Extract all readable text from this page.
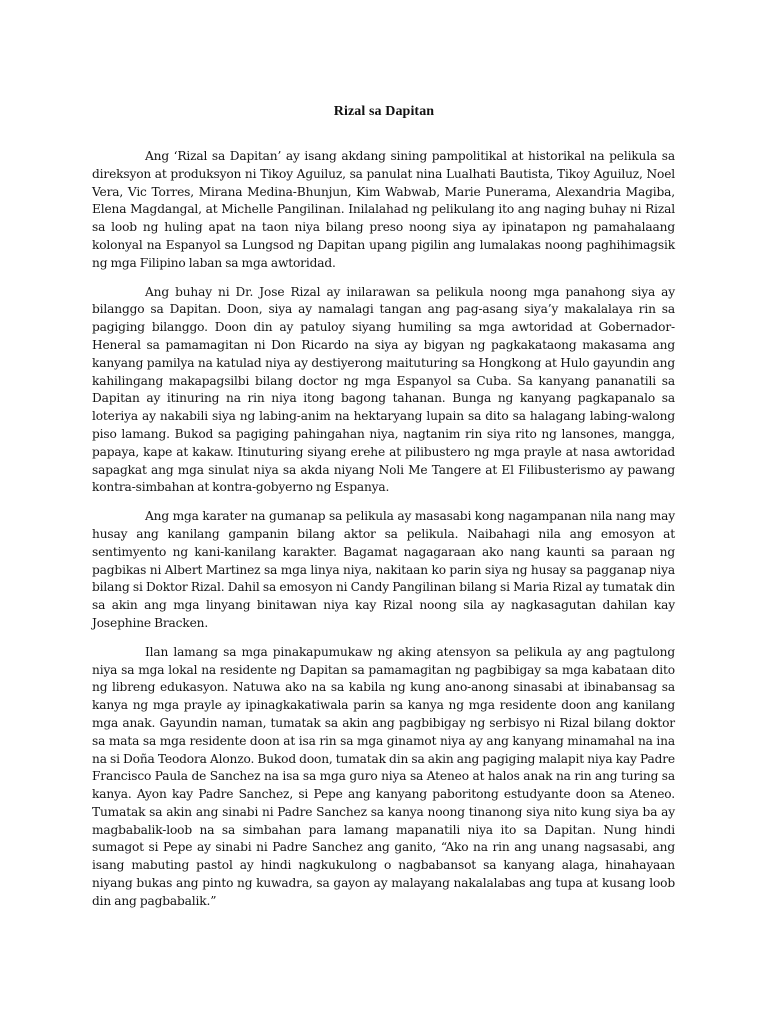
Rizal sa Dapitan

Ang ‘Rizal sa Dapitan’ ay isang akdang sining pampolitikal at historikal na pelikula sa direksyon at produksyon ni Tikoy Aguiluz, sa panulat nina Lualhati Bautista, Tikoy Aguiluz, Noel Vera, Vic Torres, Mirana Medina-Bhunjun, Kim Wabwab, Marie Punerama, Alexandria Magiba, Elena Magdangal, at Michelle Pangilinan. Inilalahad ng pelikulang ito ang naging buhay ni Rizal sa loob ng huling apat na taon niya bilang preso noong siya ay ipinatapon ng pamahalaang kolonyal na Espanyol sa Lungsod ng Dapitan upang pigilin ang lumalakas noong paghihimagsik ng mga Filipino laban sa mga awtoridad.

Ang buhay ni Dr. Jose Rizal ay inilarawan sa pelikula noong mga panahong siya ay bilanggo sa Dapitan. Doon, siya ay namalagi tangan ang pag-asang siya’y makalalaya rin sa pagiging bilanggo. Doon din ay patuloy siyang humiling sa mga awtoridad at Gobernador-Heneral sa pamamagitan ni Don Ricardo na siya ay bigyan ng pagkakataong makasama ang kanyang pamilya na katulad niya ay destiyerong maituturing sa Hongkong at Hulo gayundin ang kahilingang makapagsilbi bilang doctor ng mga Espanyol sa Cuba. Sa kanyang pananatili sa Dapitan ay itinuring na rin niya itong bagong tahanan. Bunga ng kanyang pagkapanalo sa loteriya ay nakabili siya ng labing-anim na hektaryang lupain sa dito sa halagang labing-walong piso lamang. Bukod sa pagiging pahingahan niya, nagtanim rin siya rito ng lansones, mangga, papaya, kape at kakaw. Itinuturing siyang erehe at pilibustero ng mga prayle at nasa awtoridad sapagkat ang mga sinulat niya sa akda niyang Noli Me Tangere at El Filibusterismo ay pawang kontra-simbahan at kontra-gobyerno ng Espanya.

Ang mga karater na gumanap sa pelikula ay masasabi kong nagampanan nila nang may husay ang kanilang gampanin bilang aktor sa pelikula. Naibahagi nila ang emosyon at sentimyento ng kani-kanilang karakter. Bagamat nagagaraan ako nang kaunti sa paraan ng pagbikas ni Albert Martinez sa mga linya niya, nakitaan ko parin siya ng husay sa pagganap niya bilang si Doktor Rizal. Dahil sa emosyon ni Candy Pangilinan bilang si Maria Rizal ay tumatak din sa akin ang mga linyang binitawan niya kay Rizal noong sila ay nagkasagutan dahilan kay Josephine Bracken.

Ilan lamang sa mga pinakapumukaw ng aking atensyon sa pelikula ay ang pagtulong niya sa mga lokal na residente ng Dapitan sa pamamagitan ng pagbibigay sa mga kabataan dito ng libreng edukasyon. Natuwa ako na sa kabila ng kung ano-anong sinasabi at ibinabansag sa kanya ng mga prayle ay ipinagkakatiwala parin sa kanya ng mga residente doon ang kanilang mga anak. Gayundin naman, tumatak sa akin ang pagbibigay ng serbisyo ni Rizal bilang doktor sa mata sa mga residente doon at isa rin sa mga ginamot niya ay ang kanyang minamahal na ina na si Doña Teodora Alonzo. Bukod doon, tumatak din sa akin ang pagiging malapit niya kay Padre Francisco Paula de Sanchez na isa sa mga guro niya sa Ateneo at halos anak na rin ang turing sa kanya. Ayon kay Padre Sanchez, si Pepe ang kanyang paboritong estudyante doon sa Ateneo. Tumatak sa akin ang sinabi ni Padre Sanchez sa kanya noong tinanong siya nito kung siya ba ay magbabalik-loob na sa simbahan para lamang mapanatili niya ito sa Dapitan. Nung hindi sumagot si Pepe ay sinabi ni Padre Sanchez ang ganito, “Ako na rin ang unang nagsasabi, ang isang mabuting pastol ay hindi nagkukulong o nagbabansot sa kanyang alaga, hinahayaan niyang bukas ang pinto ng kuwadra, sa gayon ay malayang nakalalabas ang tupa at kusang loob din ang pagbabalik.”
